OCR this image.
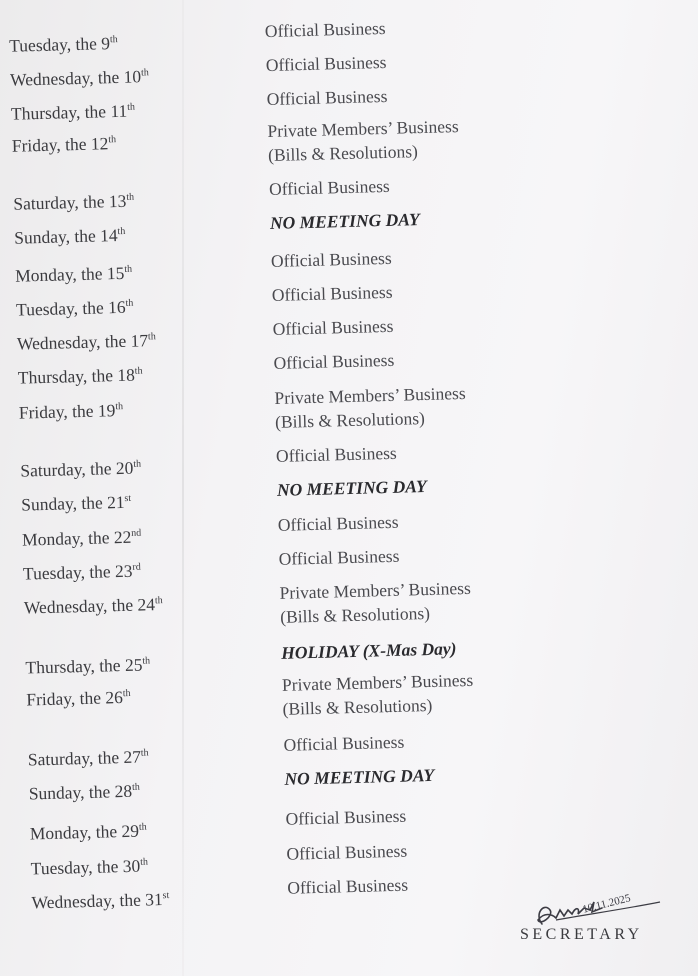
Tuesday, the 9th	Official Business
Wednesday, the 10th	Official Business
Thursday, the 11th	Official Business
Friday, the 12th	Private Members’ Business
(Bills & Resolutions)
Saturday, the 13th	Official Business
Sunday, the 14th	NO MEETING DAY
Monday, the 15th	Official Business
Tuesday, the 16th	Official Business
Wednesday, the 17th	Official Business
Thursday, the 18th	Official Business
Friday, the 19th	Private Members’ Business
(Bills & Resolutions)
Saturday, the 20th	Official Business
Sunday, the 21st	NO MEETING DAY
Monday, the 22nd	Official Business
Tuesday, the 23rd	Official Business
Wednesday, the 24th	Private Members’ Business
(Bills & Resolutions)
Thursday, the 25th	HOLIDAY (X-Mas Day)
Friday, the 26th	Private Members’ Business
(Bills & Resolutions)
Saturday, the 27th	Official Business
Sunday, the 28th	NO MEETING DAY
Monday, the 29th	Official Business
Tuesday, the 30th	Official Business
Wednesday, the 31st	Official Business
10.11.2025
SECRETARY
